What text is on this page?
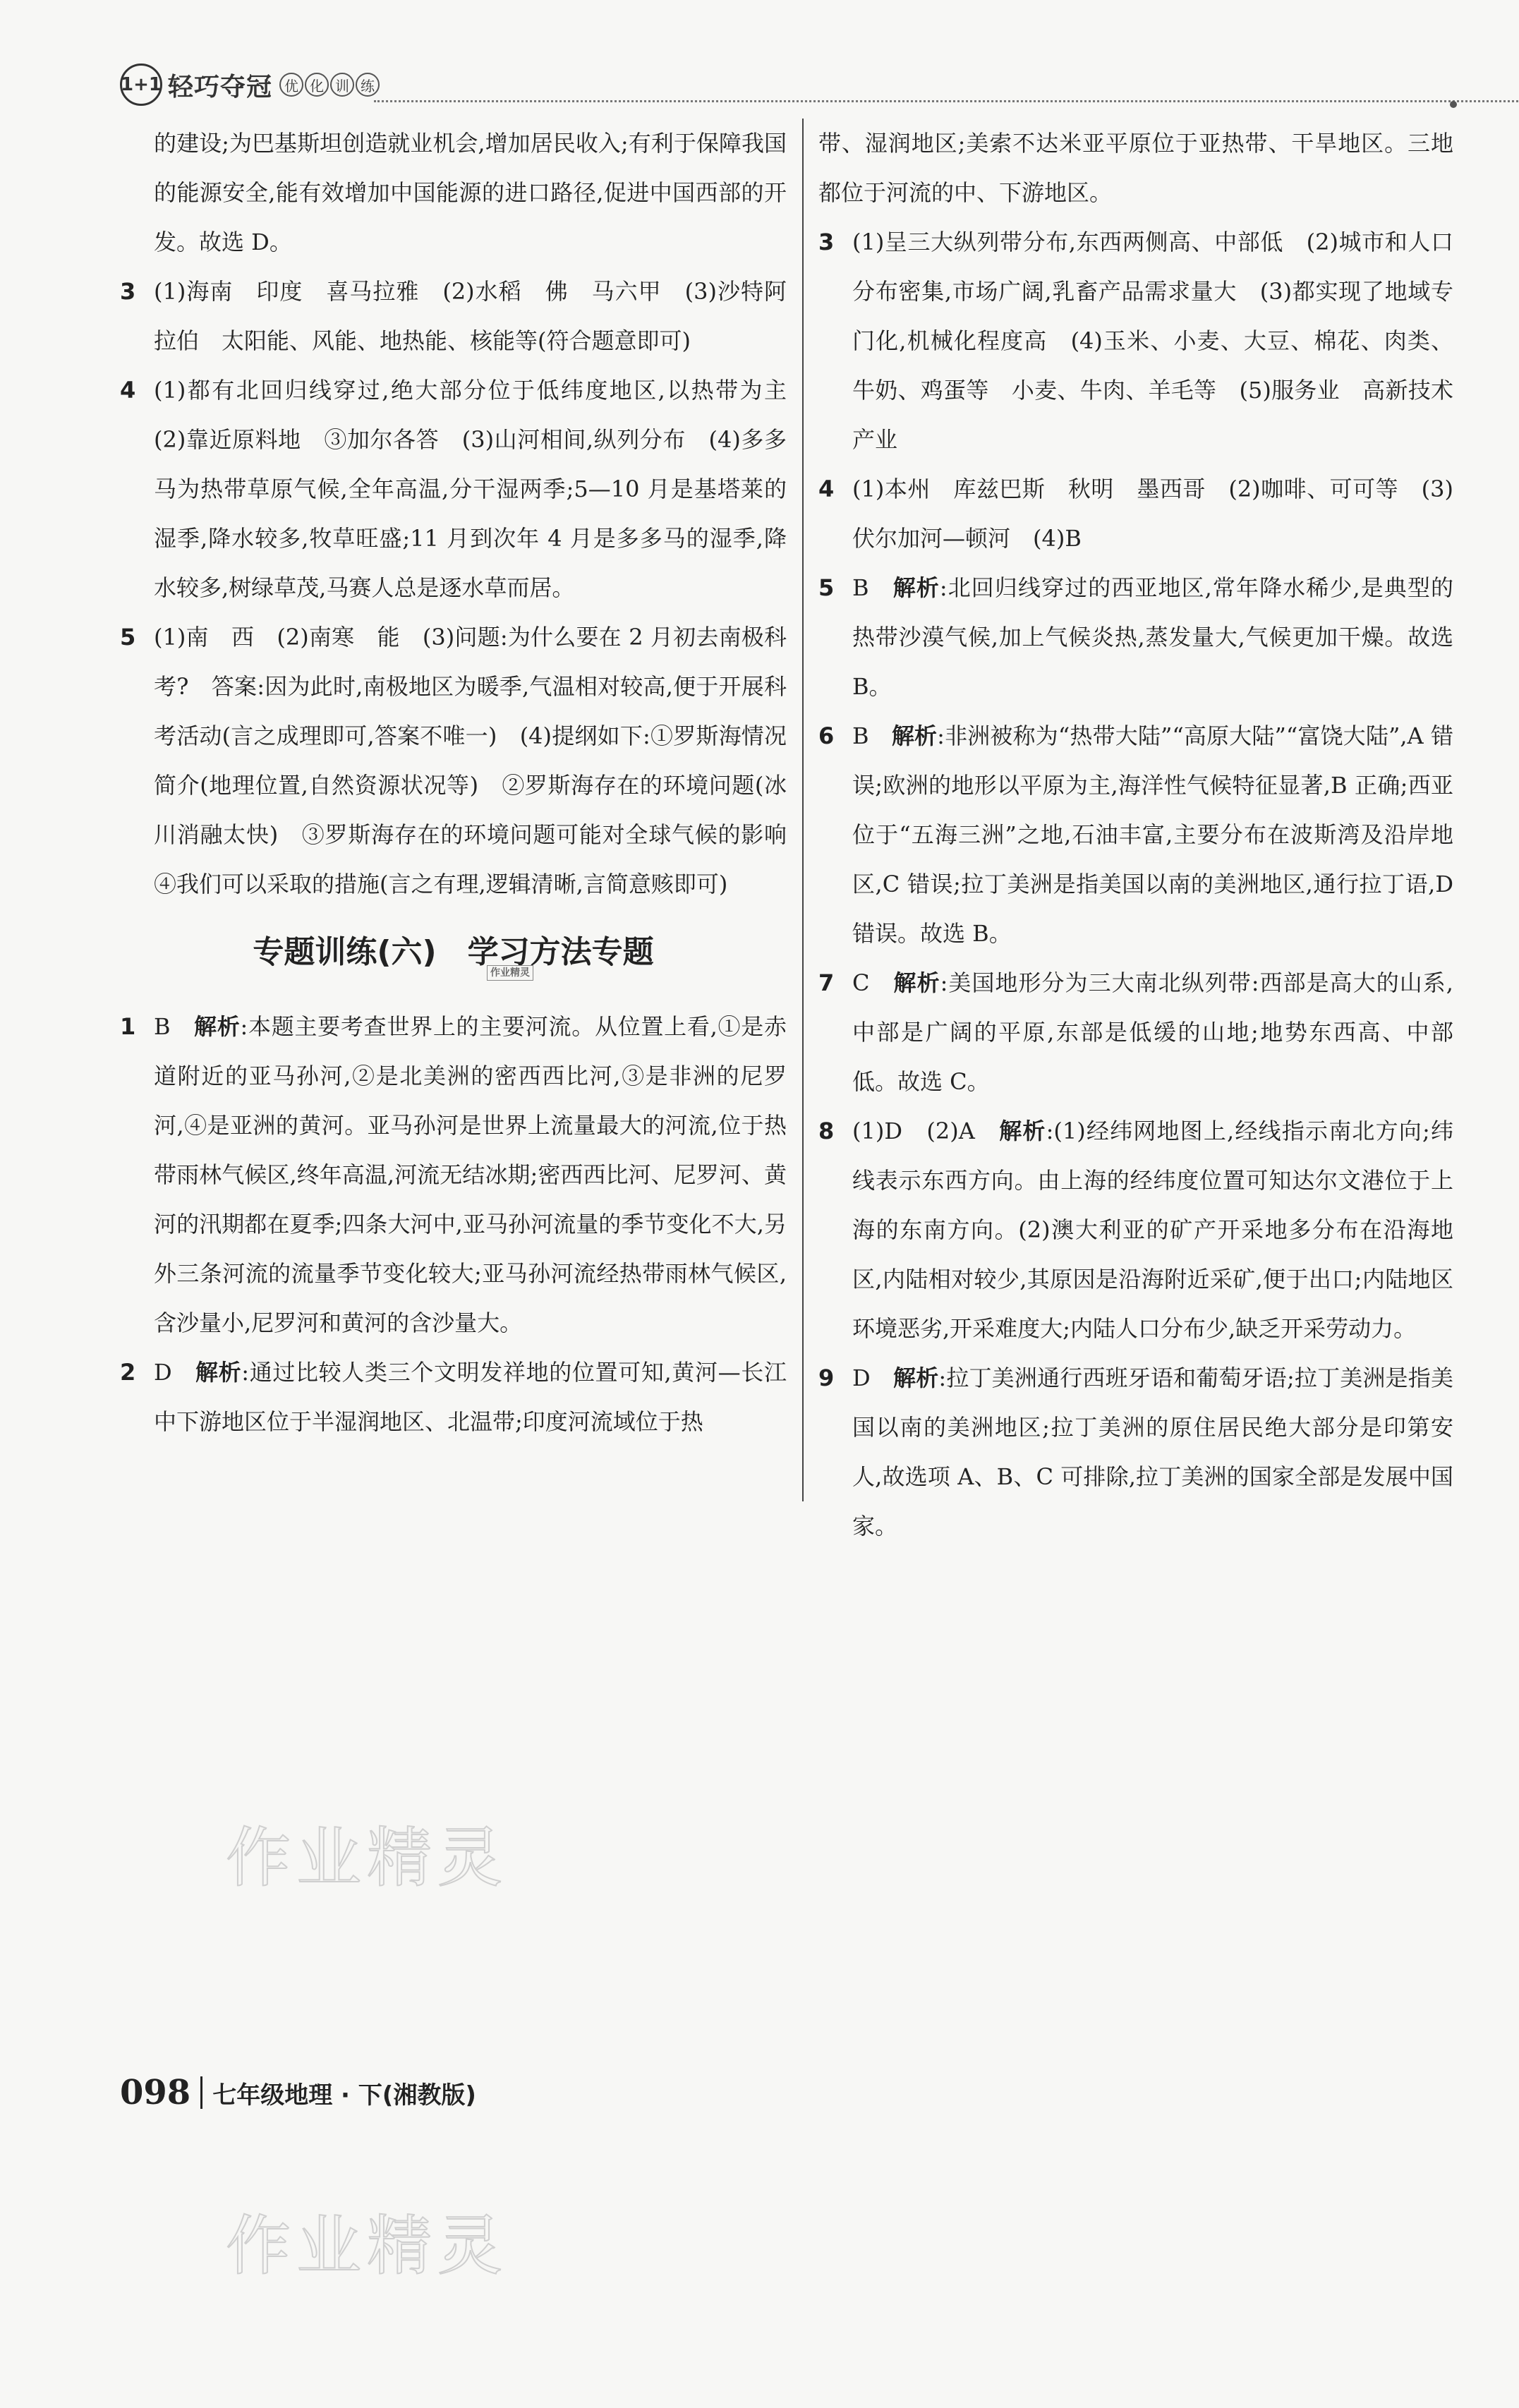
1+1 轻巧夺冠 优 化 训 练
的建设;为巴基斯坦创造就业机会,增加居民收入;有利于保障我国的能源安全,能有效增加中国能源的进口路径,促进中国西部的开发。故选 D。
3 (1)海南　印度　喜马拉雅　(2)水稻　佛　马六甲　(3)沙特阿拉伯　太阳能、风能、地热能、核能等(符合题意即可)
4 (1)都有北回归线穿过,绝大部分位于低纬度地区,以热带为主　(2)靠近原料地　③加尔各答　(3)山河相间,纵列分布　(4)多多马为热带草原气候,全年高温,分干湿两季;5—10 月是基塔莱的湿季,降水较多,牧草旺盛;11 月到次年 4 月是多多马的湿季,降水较多,树绿草茂,马赛人总是逐水草而居。
5 (1)南　西　(2)南寒　能　(3)问题:为什么要在 2 月初去南极科考?　答案:因为此时,南极地区为暖季,气温相对较高,便于开展科考活动(言之成理即可,答案不唯一)　(4)提纲如下:①罗斯海情况简介(地理位置,自然资源状况等)　②罗斯海存在的环境问题(冰川消融太快)　③罗斯海存在的环境问题可能对全球气候的影响　④我们可以采取的措施(言之有理,逻辑清晰,言简意赅即可)
专题训练(六)　学习方法专题
作业精灵
1 B　 解析:本题主要考查世界上的主要河流。从位置上看,①是赤道附近的亚马孙河,②是北美洲的密西西比河,③是非洲的尼罗河,④是亚洲的黄河。亚马孙河是世界上流量最大的河流,位于热带雨林气候区,终年高温,河流无结冰期;密西西比河、尼罗河、黄河的汛期都在夏季;四条大河中,亚马孙河流量的季节变化不大,另外三条河流的流量季节变化较大;亚马孙河流经热带雨林气候区,含沙量小,尼罗河和黄河的含沙量大。
2 D　 解析:通过比较人类三个文明发祥地的位置可知,黄河—长江中下游地区位于半湿润地区、北温带;印度河流域位于热
带、湿润地区;美索不达米亚平原位于亚热带、干旱地区。三地都位于河流的中、下游地区。
3 (1)呈三大纵列带分布,东西两侧高、中部低　(2)城市和人口分布密集,市场广阔,乳畜产品需求量大　(3)都实现了地域专门化,机械化程度高　(4)玉米、小麦、大豆、棉花、肉类、牛奶、鸡蛋等　小麦、牛肉、羊毛等　(5)服务业　高新技术产业
4 (1)本州　库兹巴斯　秋明　墨西哥　(2)咖啡、可可等　(3)伏尔加河—顿河　(4)B
5 B　 解析:北回归线穿过的西亚地区,常年降水稀少,是典型的热带沙漠气候,加上气候炎热,蒸发量大,气候更加干燥。故选 B。
6 B　 解析:非洲被称为“热带大陆”“高原大陆”“富饶大陆”,A 错误;欧洲的地形以平原为主,海洋性气候特征显著,B 正确;西亚位于“五海三洲”之地,石油丰富,主要分布在波斯湾及沿岸地区,C 错误;拉丁美洲是指美国以南的美洲地区,通行拉丁语,D 错误。故选 B。
7 C　 解析:美国地形分为三大南北纵列带:西部是高大的山系,中部是广阔的平原,东部是低缓的山地;地势东西高、中部低。故选 C。
8 (1)D　(2)A　 解析:(1)经纬网地图上,经线指示南北方向;纬线表示东西方向。由上海的经纬度位置可知达尔文港位于上海的东南方向。(2)澳大利亚的矿产开采地多分布在沿海地区,内陆相对较少,其原因是沿海附近采矿,便于出口;内陆地区环境恶劣,开采难度大;内陆人口分布少,缺乏开采劳动力。
9 D　 解析:拉丁美洲通行西班牙语和葡萄牙语;拉丁美洲是指美国以南的美洲地区;拉丁美洲的原住居民绝大部分是印第安人,故选项 A、B、C 可排除,拉丁美洲的国家全部是发展中国家。
作业精灵
作业精灵
098 七年级地理 · 下(湘教版)
